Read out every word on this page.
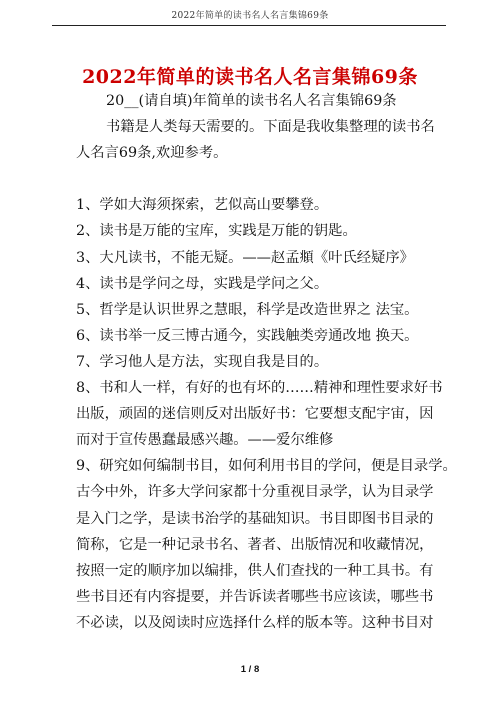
2022年简单的读书名人名言集锦69条
2022年简单的读书名人名言集锦69条

20__(请自填)年简单的读书名人名言集锦69条

书籍是人类每天需要的。下面是我收集整理的读书名

人名言69条,欢迎参考。

1、学如大海须探索，艺似高山要攀登。

2、读书是万能的宝库，实践是万能的钥匙。

3、大凡读书，不能无疑。——赵孟頫《叶氏经疑序》

4、读书是学问之母，实践是学问之父。

5、哲学是认识世界之慧眼，科学是改造世界之 法宝。

6、读书举一反三博古通今，实践触类旁通改地 换天。

7、学习他人是方法，实现自我是目的。

8、书和人一样，有好的也有坏的……精神和理性要求好书

出版，顽固的迷信则反对出版好书：它要想支配宇宙，因

而对于宣传愚蠢最感兴趣。——爱尔维修

9、研究如何编制书目，如何利用书目的学问，便是目录学。

古今中外，许多大学问家都十分重视目录学，认为目录学

是入门之学，是读书治学的基础知识。书目即图书目录的

简称，它是一种记录书名、著者、出版情况和收藏情况，

按照一定的顺序加以编排，供人们查找的一种工具书。有

些书目还有内容提要，并告诉读者哪些书应该读，哪些书

不必读，以及阅读时应选择什么样的版本等。这种书目对

1 / 8
